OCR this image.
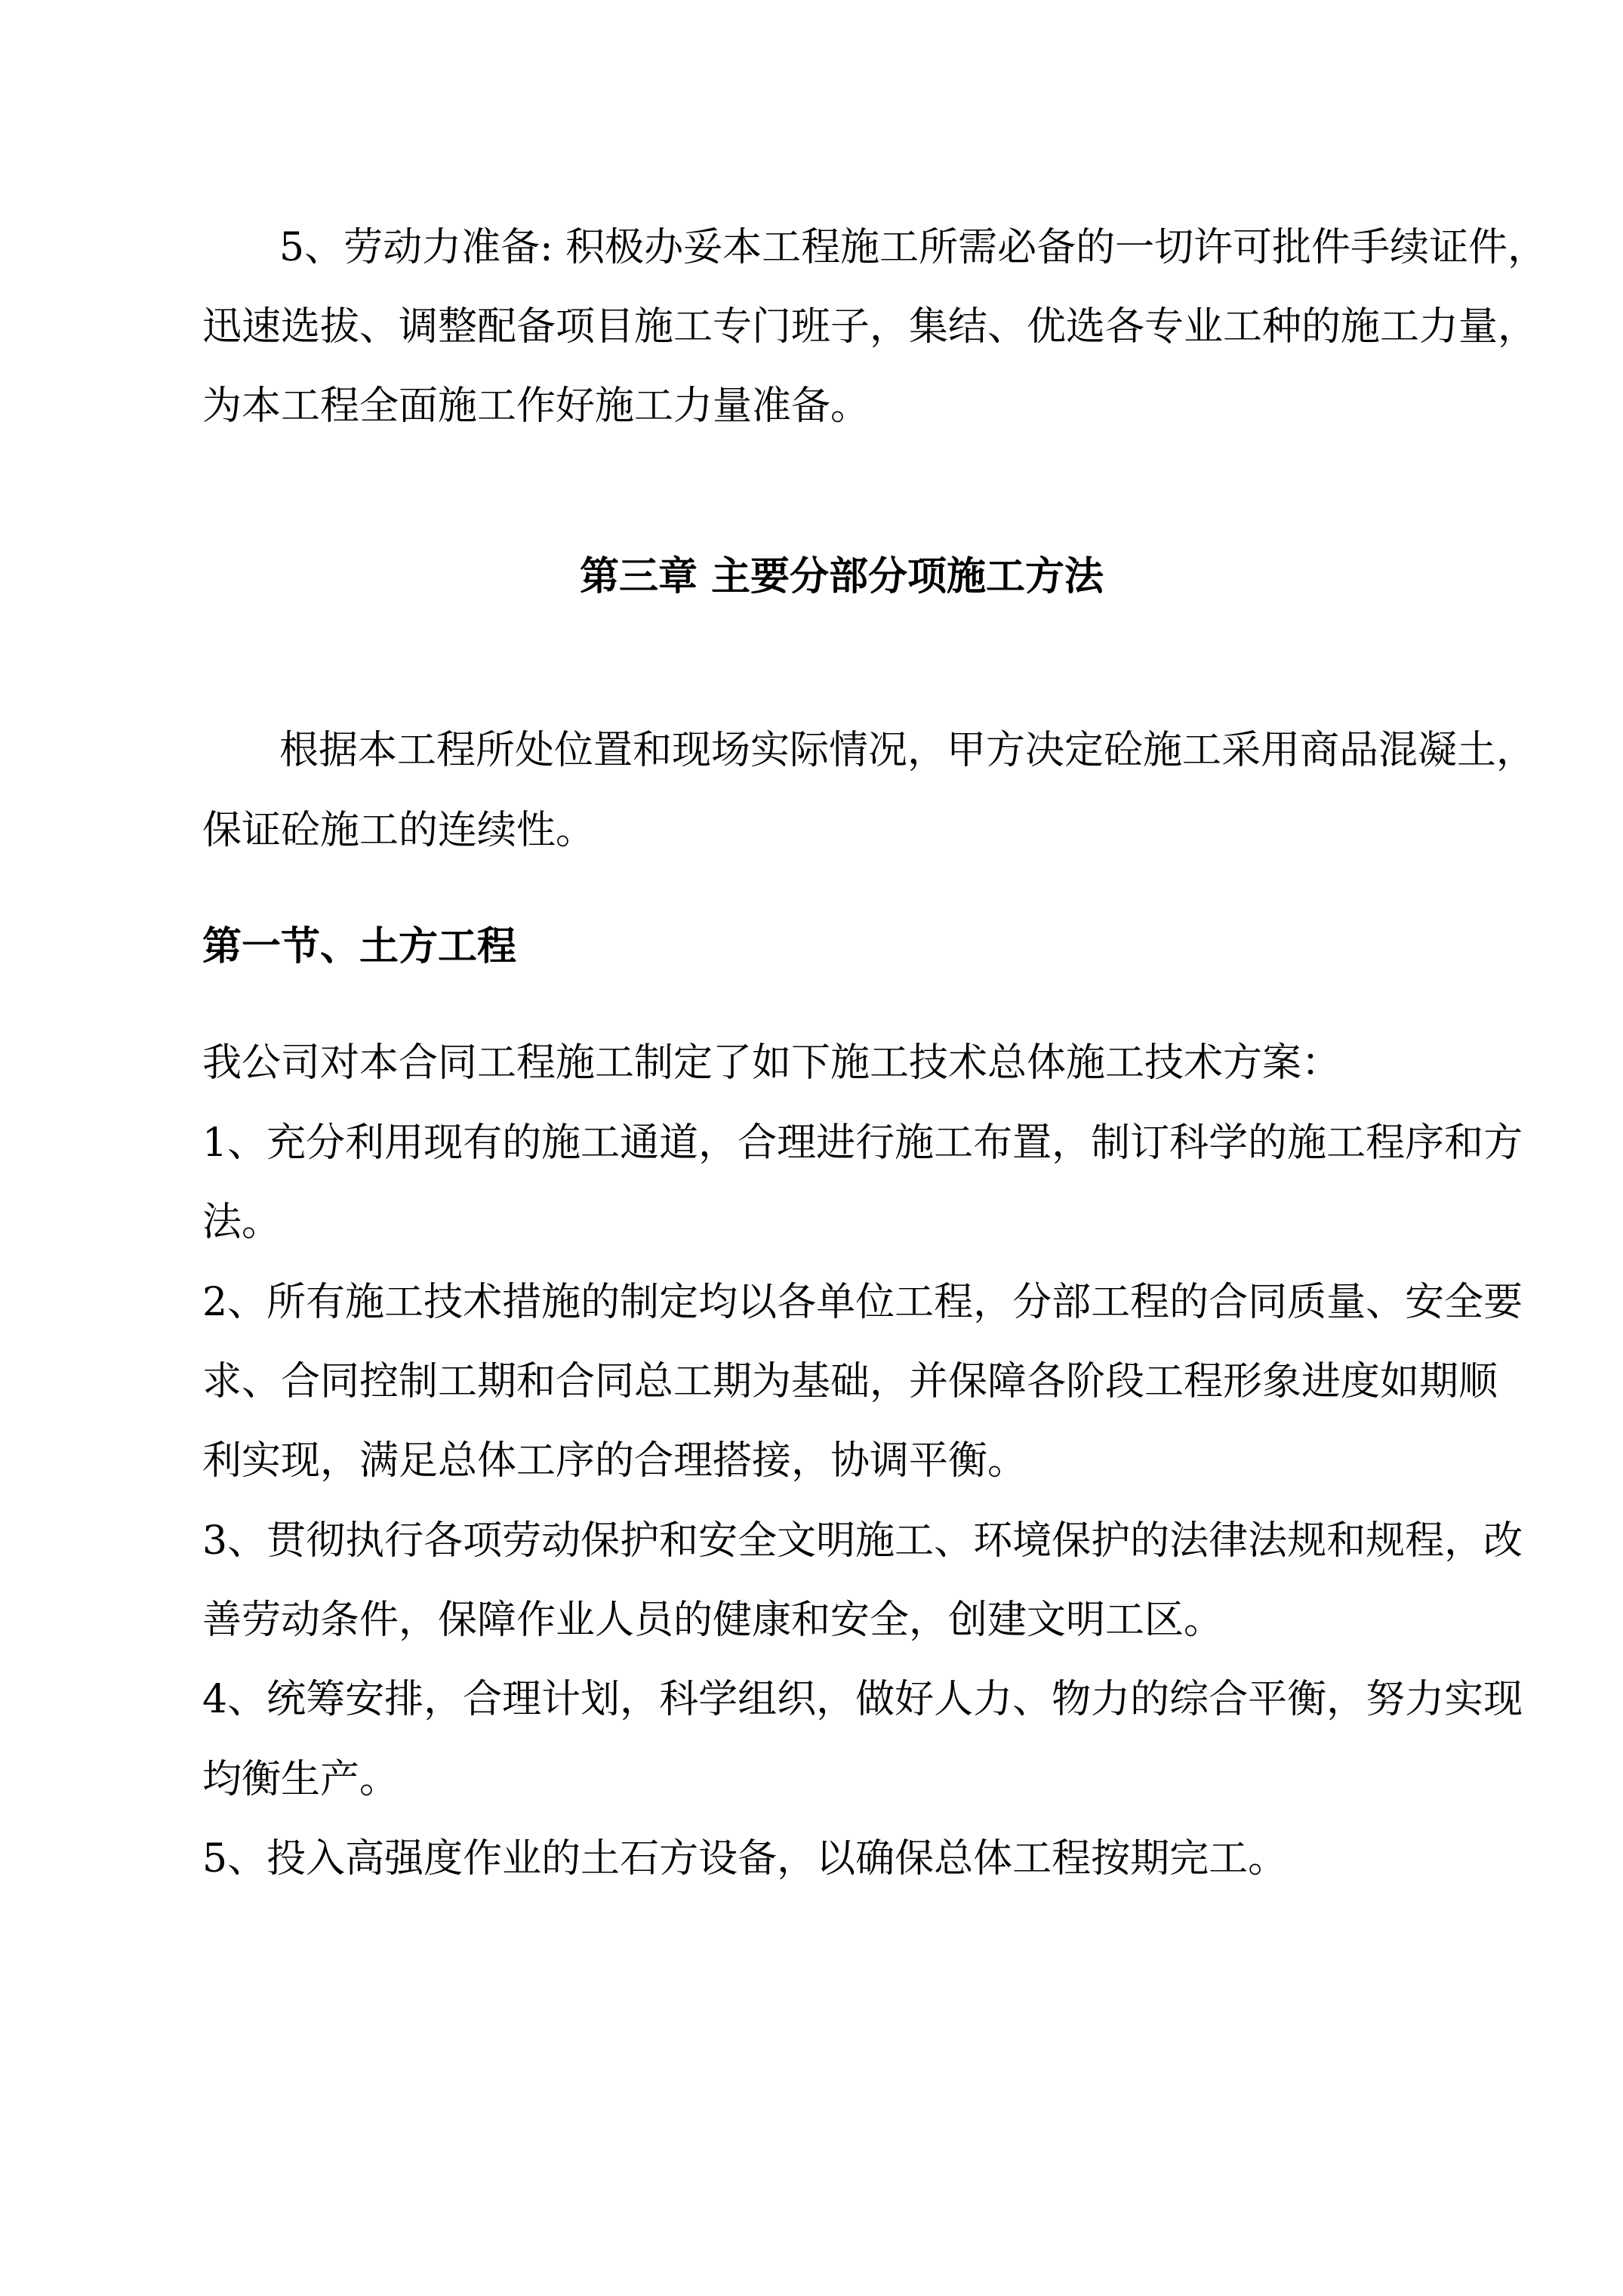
5、劳动力准备: 积极办妥本工程施工所需必备的一切许可批件手续证件，

迅速选拔、调整配备项目施工专门班子，集结、优选各专业工种的施工力量，

为本工程全面施工作好施工力量准备。

第三章 主要分部分项施工方法

根据本工程所处位置和现场实际情况，甲方决定砼施工采用商品混凝土，

保证砼施工的连续性。

第一节、土方工程

我公司对本合同工程施工制定了如下施工技术总体施工技术方案：

1、充分利用现有的施工通道，合理进行施工布置，制订科学的施工程序和方

法。

2、所有施工技术措施的制定均以各单位工程，分部工程的合同质量、安全要

求、合同控制工期和合同总工期为基础，并保障各阶段工程形象进度如期顺

利实现，满足总体工序的合理搭接，协调平衡。

3、贯彻执行各项劳动保护和安全文明施工、环境保护的法律法规和规程，改

善劳动条件，保障作业人员的健康和安全，创建文明工区。

4、统筹安排，合理计划，科学组织，做好人力、物力的综合平衡，努力实现

均衡生产。

5、投入高强度作业的土石方设备，以确保总体工程按期完工。
